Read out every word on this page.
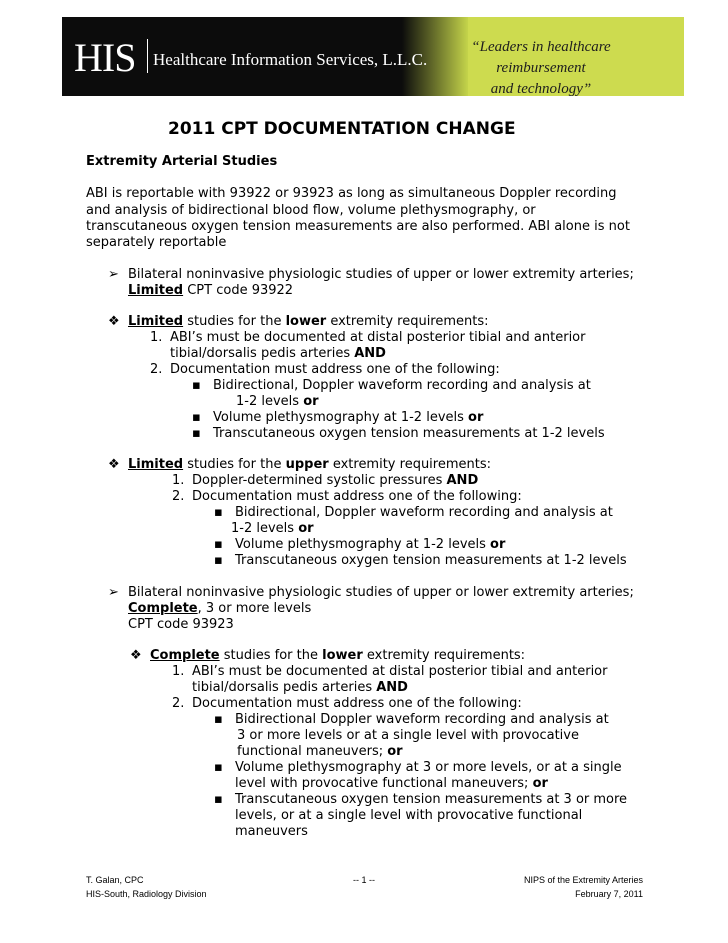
HIS Healthcare Information Services, L.L.C.
“Leaders in healthcare reimbursement
and technology”
2011 CPT DOCUMENTATION CHANGE
Extremity Arterial Studies
ABI is reportable with 93922 or 93923 as long as simultaneous Doppler recording
and analysis of bidirectional blood flow, volume plethysmography, or
transcutaneous oxygen tension measurements are also performed. ABI alone is not
separately reportable
➢ Bilateral noninvasive physiologic studies of upper or lower extremity arteries;
Limited CPT code 93922
❖ Limited studies for the lower extremity requirements:
1. ABI’s must be documented at distal posterior tibial and anterior
tibial/dorsalis pedis arteries AND
2. Documentation must address one of the following:
▪ Bidirectional, Doppler waveform recording and analysis at
1-2 levels or
▪ Volume plethysmography at 1-2 levels or
▪ Transcutaneous oxygen tension measurements at 1-2 levels
❖ Limited studies for the upper extremity requirements:
1. Doppler-determined systolic pressures AND
2. Documentation must address one of the following:
▪ Bidirectional, Doppler waveform recording and analysis at
1-2 levels or
▪ Volume plethysmography at 1-2 levels or
▪ Transcutaneous oxygen tension measurements at 1-2 levels
➢ Bilateral noninvasive physiologic studies of upper or lower extremity arteries;
Complete, 3 or more levels
CPT code 93923
❖ Complete studies for the lower extremity requirements:
1. ABI’s must be documented at distal posterior tibial and anterior
tibial/dorsalis pedis arteries AND
2. Documentation must address one of the following:
▪ Bidirectional Doppler waveform recording and analysis at
3 or more levels or at a single level with provocative
functional maneuvers; or
▪ Volume plethysmography at 3 or more levels, or at a single
level with provocative functional maneuvers; or
▪ Transcutaneous oxygen tension measurements at 3 or more
levels, or at a single level with provocative functional
maneuvers
T. Galan, CPC
HIS-South, Radiology Division
-- 1 --	NIPS of the Extremity Arteries
February 7, 2011
